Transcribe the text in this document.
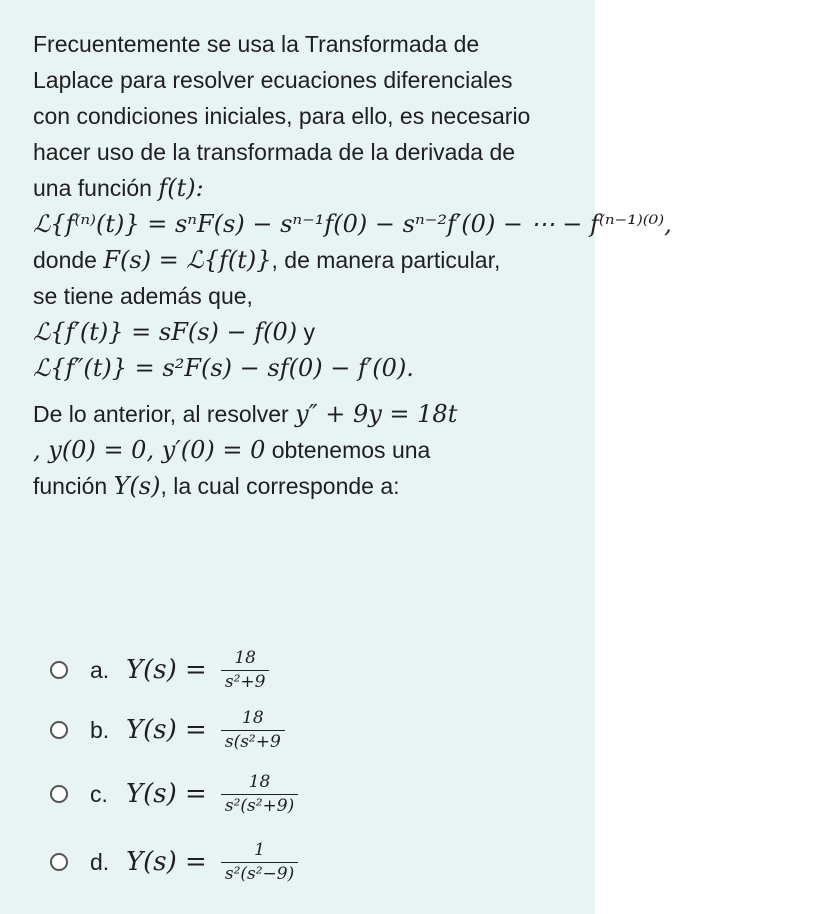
Frecuentemente se usa la Transformada de
Laplace para resolver ecuaciones diferenciales
con condiciones iniciales, para ello, es necesario
hacer uso de la transformada de la derivada de
una función f(t):
ℒ{f⁽ⁿ⁾(t)} = sⁿF(s) − sⁿ⁻¹f(0) − sⁿ⁻²f′(0) − ⋯ − f⁽ⁿ⁻¹⁾⁽⁰⁾,
donde F(s) = ℒ{f(t)}, de manera particular,
se tiene además que,
ℒ{f′(t)} = sF(s) − f(0) y
ℒ{f″(t)} = s²F(s) − sf(0) − f′(0).
De lo anterior, al resolver y″ + 9y = 18t
, y(0) = 0, y′(0) = 0 obtenemos una
función Y(s), la cual corresponde a:
a. $Y(s) = \frac{18}{\text{s²+9}}$
b. $Y(s) = \frac{18}{\text{s(s²+9}}$
c. $Y(s) = \frac{18}{\text{s²(s²+9)}}$
d. $Y(s) = \frac{1}{\text{s²(s²−9)}}$
